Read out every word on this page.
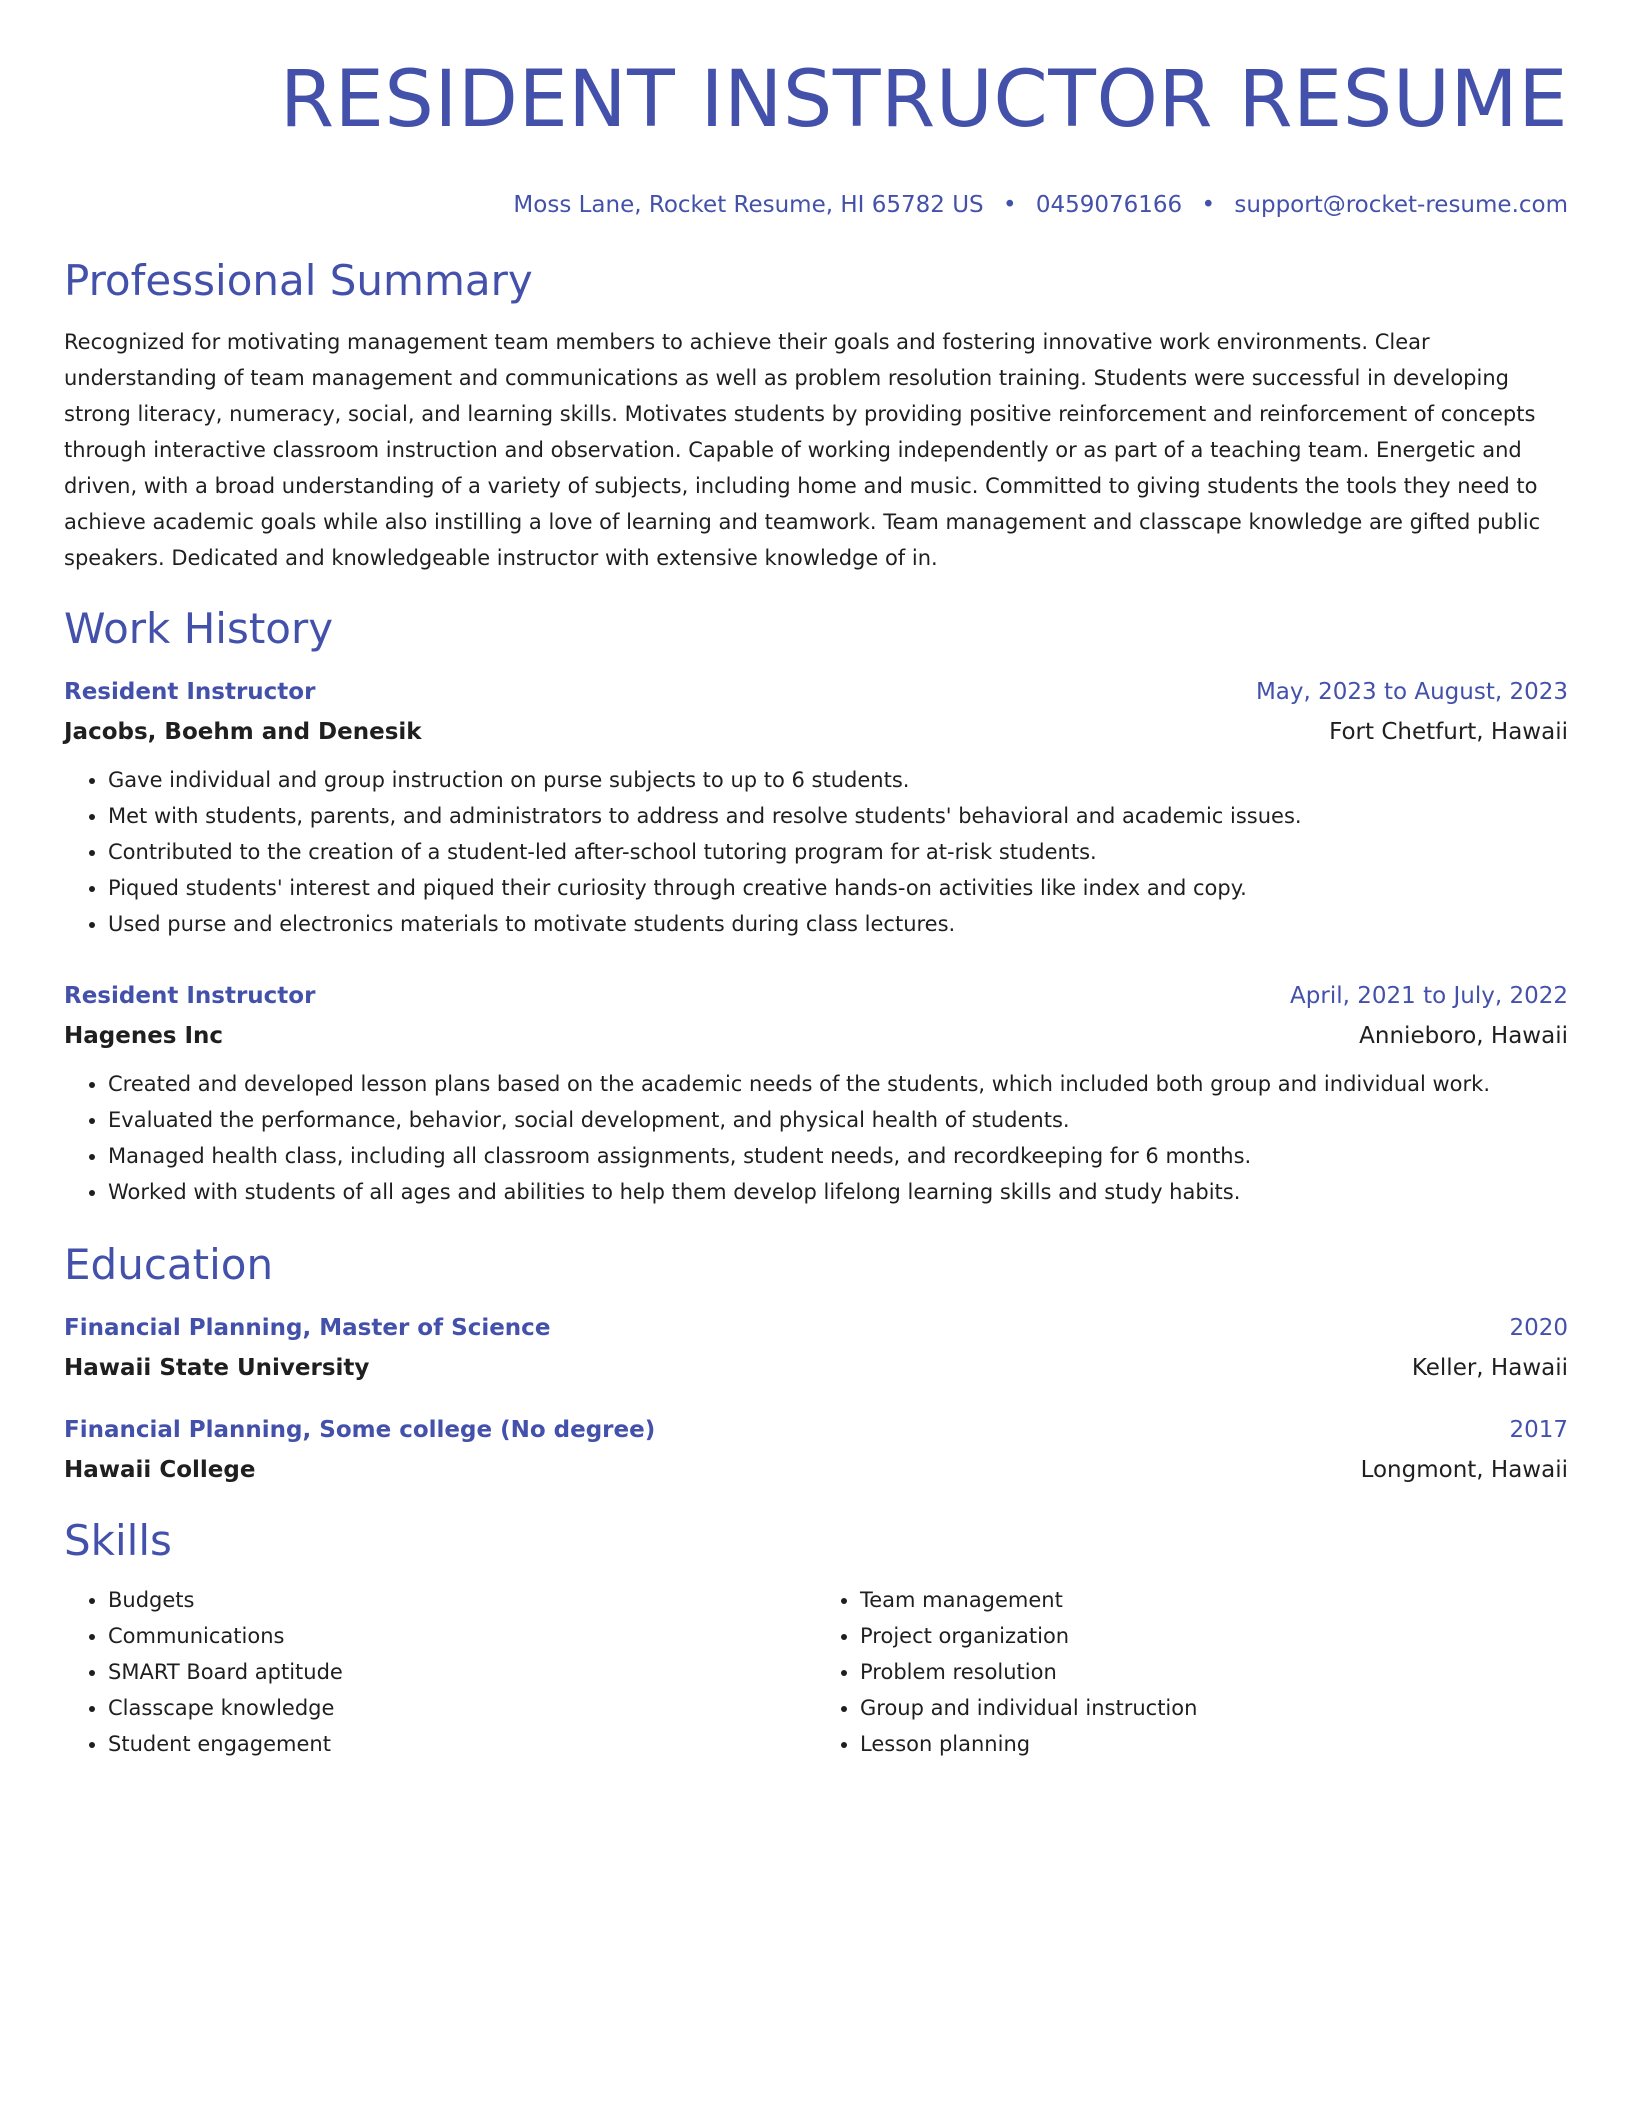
RESIDENT INSTRUCTOR RESUME
Moss Lane, Rocket Resume, HI 65782 US • 0459076166 • support@rocket-resume.com
Professional Summary

Recognized for motivating management team members to achieve their goals and fostering innovative work environments. Clear understanding of team management and communications as well as problem resolution training. Students were successful in developing strong literacy, numeracy, social, and learning skills. Motivates students by providing positive reinforcement and reinforcement of concepts through interactive classroom instruction and observation. Capable of working independently or as part of a teaching team. Energetic and driven, with a broad understanding of a variety of subjects, including home and music. Committed to giving students the tools they need to achieve academic goals while also instilling a love of learning and teamwork. Team management and classcape knowledge are gifted public speakers. Dedicated and knowledgeable instructor with extensive knowledge of in.

Work History
Resident Instructor	May, 2023 to August, 2023
Jacobs, Boehm and Denesik	Fort Chetfurt, Hawaii
• Gave individual and group instruction on purse subjects to up to 6 students.
• Met with students, parents, and administrators to address and resolve students' behavioral and academic issues.
• Contributed to the creation of a student-led after-school tutoring program for at-risk students.
• Piqued students' interest and piqued their curiosity through creative hands-on activities like index and copy.
• Used purse and electronics materials to motivate students during class lectures.
Resident Instructor	April, 2021 to July, 2022
Hagenes Inc	Annieboro, Hawaii
• Created and developed lesson plans based on the academic needs of the students, which included both group and individual work.
• Evaluated the performance, behavior, social development, and physical health of students.
• Managed health class, including all classroom assignments, student needs, and recordkeeping for 6 months.
• Worked with students of all ages and abilities to help them develop lifelong learning skills and study habits.
Education
Financial Planning, Master of Science	2020
Hawaii State University	Keller, Hawaii
Financial Planning, Some college (No degree)	2017
Hawaii College	Longmont, Hawaii
Skills
• Budgets
• Communications
• SMART Board aptitude
• Classcape knowledge
• Student engagement
• Team management
• Project organization
• Problem resolution
• Group and individual instruction
• Lesson planning
